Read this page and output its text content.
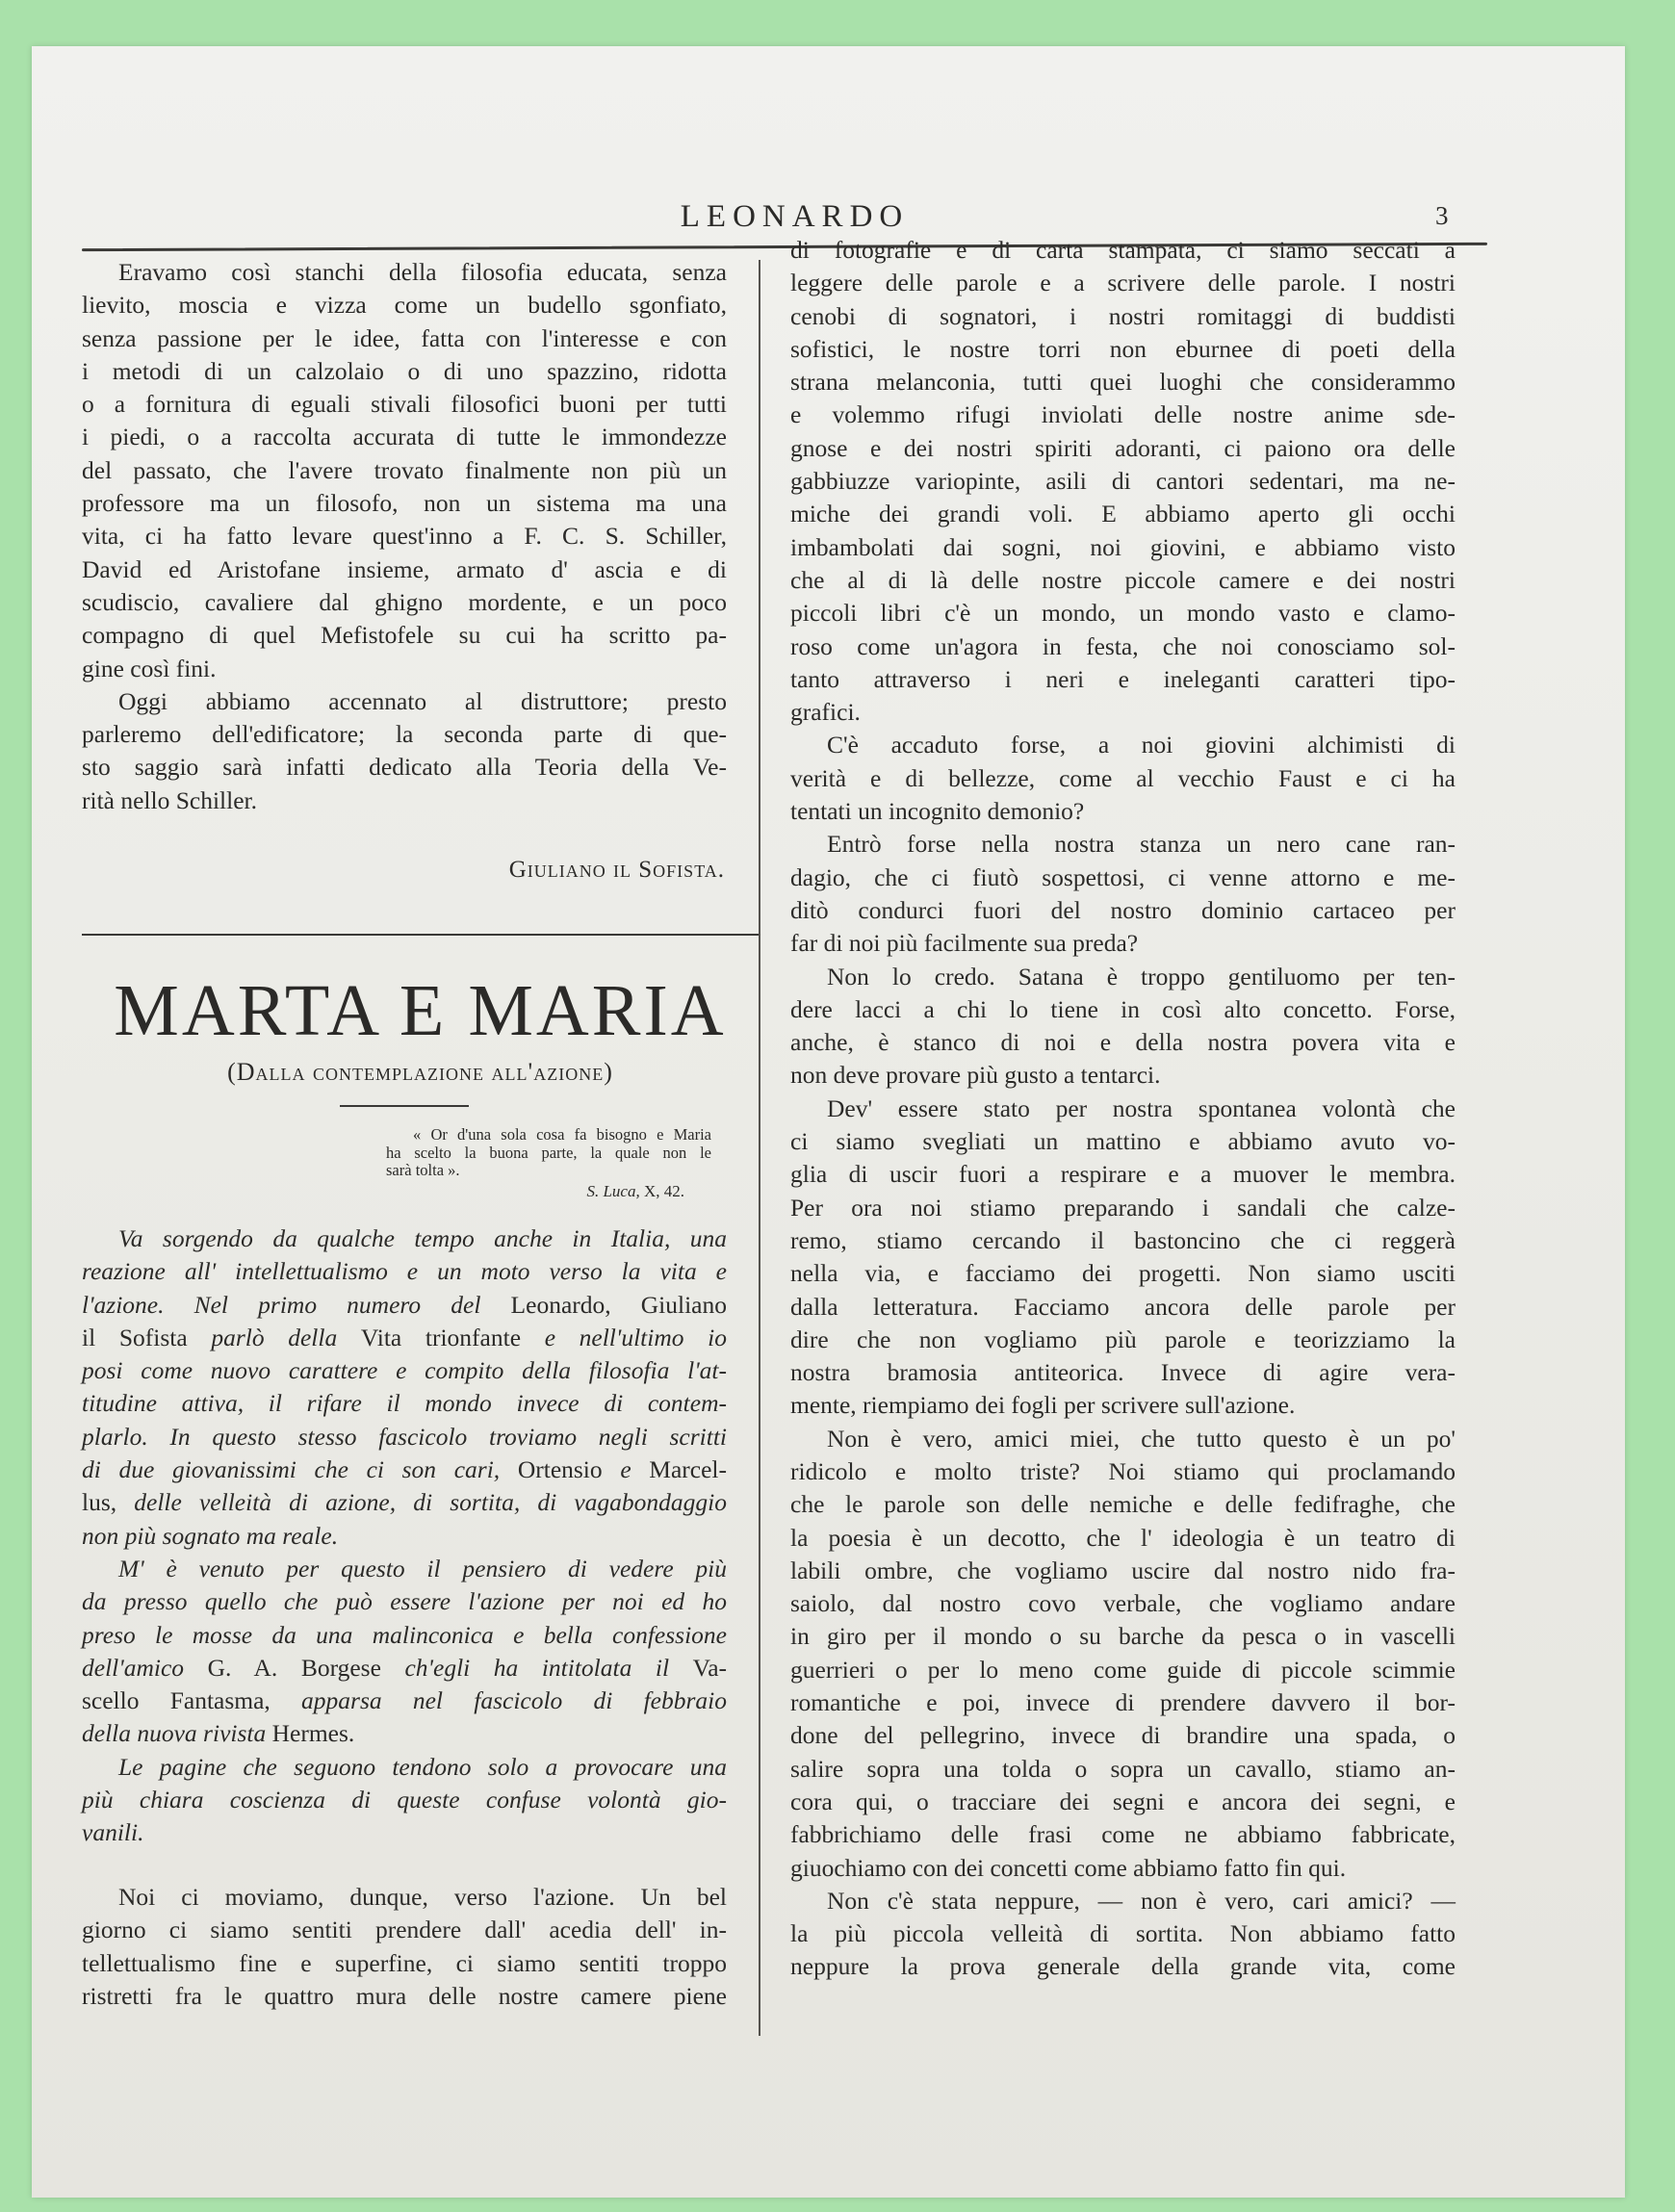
LEONARDO	3
Eravamo così stanchi della filosofia educata, senza
lievito, moscia e vizza come un budello sgonfiato,
senza passione per le idee, fatta con l'interesse e con
i metodi di un calzolaio o di uno spazzino, ridotta
o a fornitura di eguali stivali filosofici buoni per tutti
i piedi, o a raccolta accurata di tutte le immondezze
del passato, che l'avere trovato finalmente non più un
professore ma un filosofo, non un sistema ma una
vita, ci ha fatto levare quest'inno a F. C. S. Schiller,
David ed Aristofane insieme, armato d' ascia e di
scudiscio, cavaliere dal ghigno mordente, e un poco
compagno di quel Mefistofele su cui ha scritto pa-
gine così fini.
Oggi abbiamo accennato al distruttore; presto
parleremo dell'edificatore; la seconda parte di que-
sto saggio sarà infatti dedicato alla Teoria della Ve-
rità nello Schiller.
Giuliano il Sofista.
MARTA E MARIA
(Dalla contemplazione all'azione)
« Or d'una sola cosa fa bisogno e Maria
ha scelto la buona parte, la quale non le
sarà tolta ».
S. Luca, X, 42.
Va sorgendo da qualche tempo anche in Italia, una
reazione all' intellettualismo e un moto verso la vita e
l'azione. Nel primo numero del Leonardo, Giuliano
il Sofista parlò della Vita trionfante e nell'ultimo io
posi come nuovo carattere e compito della filosofia l'at-
titudine attiva, il rifare il mondo invece di contem-
plarlo. In questo stesso fascicolo troviamo negli scritti
di due giovanissimi che ci son cari, Ortensio e Marcel-
lus, delle velleità di azione, di sortita, di vagabondaggio
non più sognato ma reale.
M' è venuto per questo il pensiero di vedere più
da presso quello che può essere l'azione per noi ed ho
preso le mosse da una malinconica e bella confessione
dell'amico G. A. Borgese ch'egli ha intitolata il Va-
scello Fantasma, apparsa nel fascicolo di febbraio
della nuova rivista Hermes.
Le pagine che seguono tendono solo a provocare una
più chiara coscienza di queste confuse volontà gio-
vanili.
Noi ci moviamo, dunque, verso l'azione. Un bel
giorno ci siamo sentiti prendere dall' acedia dell' in-
tellettualismo fine e superfine, ci siamo sentiti troppo
ristretti fra le quattro mura delle nostre camere piene
di fotografie e di carta stampata, ci siamo seccati a
leggere delle parole e a scrivere delle parole. I nostri
cenobi di sognatori, i nostri romitaggi di buddisti
sofistici, le nostre torri non eburnee di poeti della
strana melanconia, tutti quei luoghi che considerammo
e volemmo rifugi inviolati delle nostre anime sde-
gnose e dei nostri spiriti adoranti, ci paiono ora delle
gabbiuzze variopinte, asili di cantori sedentari, ma ne-
miche dei grandi voli. E abbiamo aperto gli occhi
imbambolati dai sogni, noi giovini, e abbiamo visto
che al di là delle nostre piccole camere e dei nostri
piccoli libri c'è un mondo, un mondo vasto e clamo-
roso come un'agora in festa, che noi conosciamo sol-
tanto attraverso i neri e ineleganti caratteri tipo-
grafici.
C'è accaduto forse, a noi giovini alchimisti di
verità e di bellezze, come al vecchio Faust e ci ha
tentati un incognito demonio?
Entrò forse nella nostra stanza un nero cane ran-
dagio, che ci fiutò sospettosi, ci venne attorno e me-
ditò condurci fuori del nostro dominio cartaceo per
far di noi più facilmente sua preda?
Non lo credo. Satana è troppo gentiluomo per ten-
dere lacci a chi lo tiene in così alto concetto. Forse,
anche, è stanco di noi e della nostra povera vita e
non deve provare più gusto a tentarci.
Dev' essere stato per nostra spontanea volontà che
ci siamo svegliati un mattino e abbiamo avuto vo-
glia di uscir fuori a respirare e a muover le membra.
Per ora noi stiamo preparando i sandali che calze-
remo, stiamo cercando il bastoncino che ci reggerà
nella via, e facciamo dei progetti. Non siamo usciti
dalla letteratura. Facciamo ancora delle parole per
dire che non vogliamo più parole e teorizziamo la
nostra bramosia antiteorica. Invece di agire vera-
mente, riempiamo dei fogli per scrivere sull'azione.
Non è vero, amici miei, che tutto questo è un po'
ridicolo e molto triste? Noi stiamo qui proclamando
che le parole son delle nemiche e delle fedifraghe, che
la poesia è un decotto, che l' ideologia è un teatro di
labili ombre, che vogliamo uscire dal nostro nido fra-
saiolo, dal nostro covo verbale, che vogliamo andare
in giro per il mondo o su barche da pesca o in vascelli
guerrieri o per lo meno come guide di piccole scimmie
romantiche e poi, invece di prendere davvero il bor-
done del pellegrino, invece di brandire una spada, o
salire sopra una tolda o sopra un cavallo, stiamo an-
cora qui, o tracciare dei segni e ancora dei segni, e
fabbrichiamo delle frasi come ne abbiamo fabbricate,
giuochiamo con dei concetti come abbiamo fatto fin qui.
Non c'è stata neppure, — non è vero, cari amici? —
la più piccola velleità di sortita. Non abbiamo fatto
neppure la prova generale della grande vita, come
